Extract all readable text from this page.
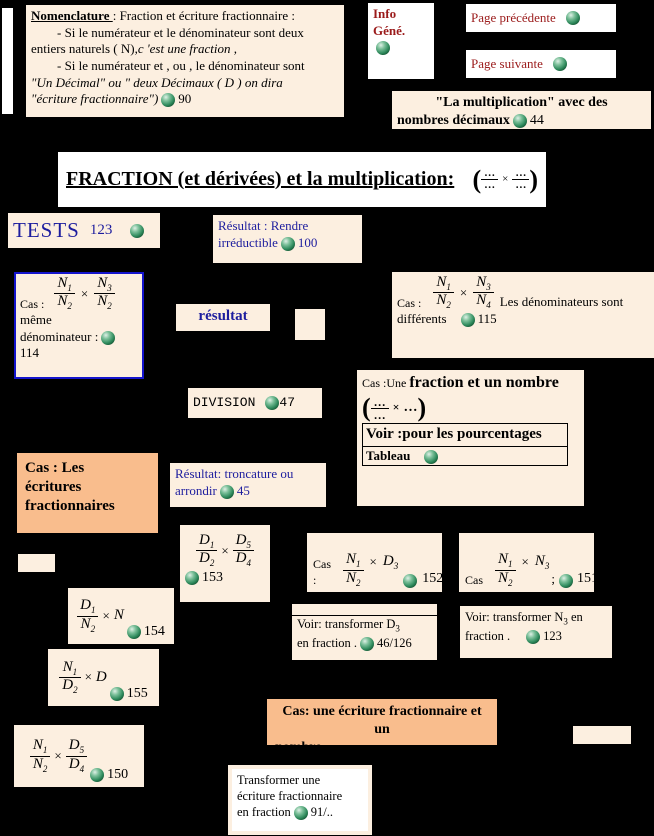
Nomenclature : Fraction et écriture fractionnaire :
- Si le numérateur et le dénominateur sont deux
entiers naturels ( N),c 'est une fraction ,
- Si le numérateur et , ou , le dénominateur sont
"Un Décimal" ou " deux Décimaux ( D ) on dira
"écriture fractionnaire") 90
Info
Géné.
Page précédente
Page suivante
"La multiplication" avec des
nombres décimaux 44
FRACTION (et dérivées) et la multiplication: ( $\frac{\dots}{\dots} \times \frac{\dots}{\dots}$ )
TESTS 123	Résultat : Rendre
irréductible 100
Cas : $\frac{N_1}{N_2} \times \frac{N_3}{N_2}$
même
dénominateur :
114
résultat
Cas : $\frac{N_1}{N_2} \times \frac{N_3}{N_4}$ Les dénominateurs sont
différents 115
DIVISION 47
Cas :Une fraction et un nombre
( $\frac{\dots}{\dots}$ × …)
Voir :pour les pourcentages
Tableau
Cas : Les
écritures
fractionnaires
Résultat: troncature ou
arrondir 45
$\frac{D_1}{D_2} \times \frac{D_5}{D_4}$
153
Cas :	$\frac{N_1}{N_2} \times D_3$
152 Cas $\frac{N_1}{N_2} \times N_3$
; 151
$\frac{D_1}{N_2} \times N$
154
Voir: transformer $D_3$
en fraction . 46/126
Voir: transformer $N_3$ en
fraction .	123
$\frac{N_1}{D_2} \times D$
155
Cas: une écriture fractionnaire et un
nombre
$\frac{N_1}{N_2} \times \frac{D_5}{D_4}$
150	Transformer une
écriture fractionnaire
en fraction 91/..
